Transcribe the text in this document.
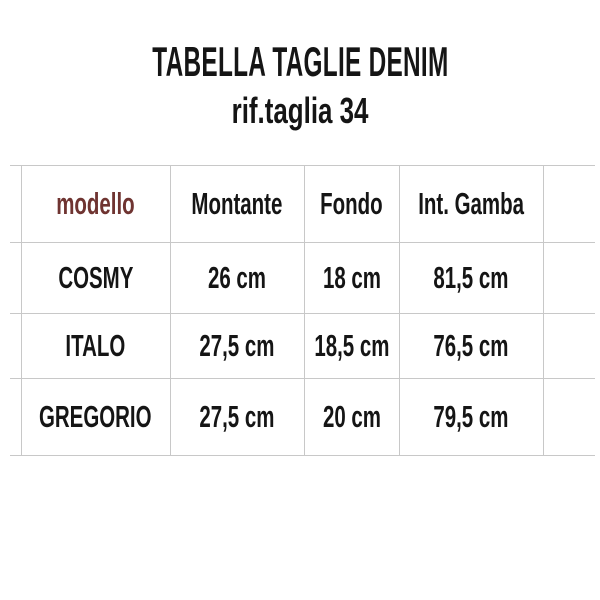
TABELLA TAGLIE DENIM
rif.taglia 34
modello Montante Fondo Int. Gamba
COSMY 26 cm 18 cm 81,5 cm
ITALO 27,5 cm 18,5 cm 76,5 cm
GREGORIO 27,5 cm 20 cm 79,5 cm
